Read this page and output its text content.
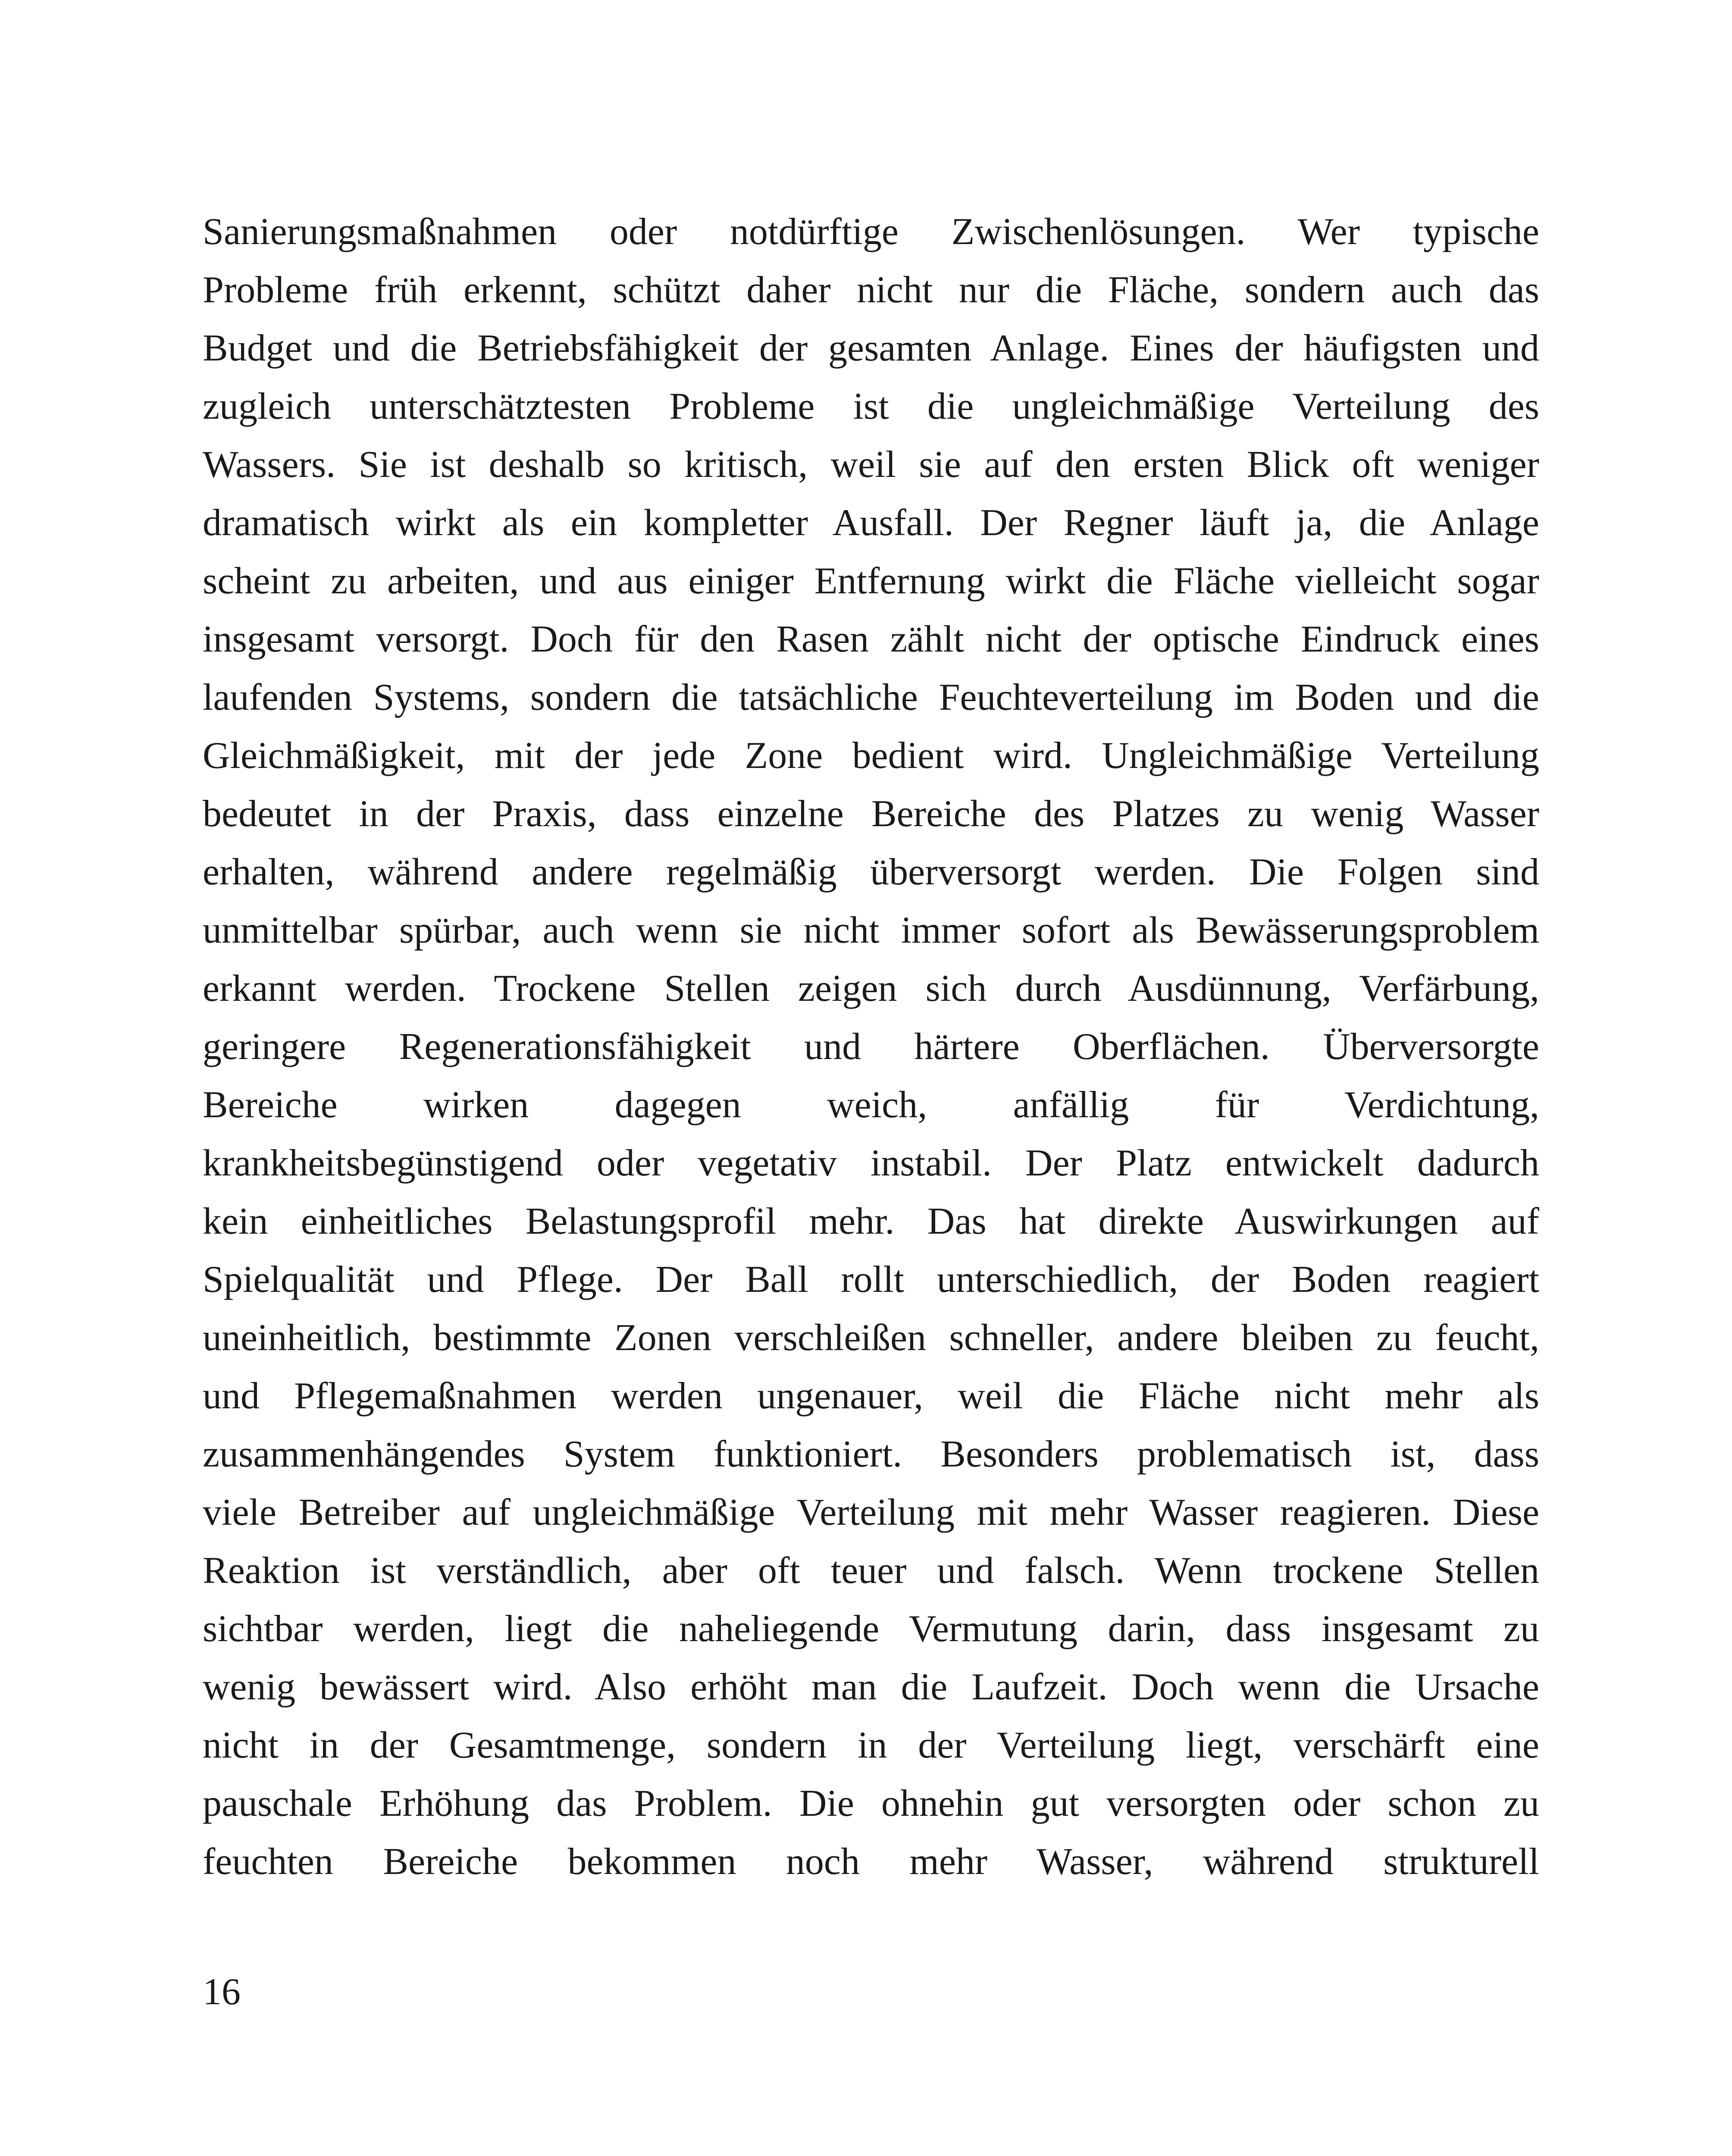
Sanierungsmaßnahmen oder notdürftige Zwischenlösungen. Wer typische
Probleme früh erkennt, schützt daher nicht nur die Fläche, sondern auch das
Budget und die Betriebsfähigkeit der gesamten Anlage. Eines der häufigsten und
zugleich unterschätztesten Probleme ist die ungleichmäßige Verteilung des
Wassers. Sie ist deshalb so kritisch, weil sie auf den ersten Blick oft weniger
dramatisch wirkt als ein kompletter Ausfall. Der Regner läuft ja, die Anlage
scheint zu arbeiten, und aus einiger Entfernung wirkt die Fläche vielleicht sogar
insgesamt versorgt. Doch für den Rasen zählt nicht der optische Eindruck eines
laufenden Systems, sondern die tatsächliche Feuchteverteilung im Boden und die
Gleichmäßigkeit, mit der jede Zone bedient wird. Ungleichmäßige Verteilung
bedeutet in der Praxis, dass einzelne Bereiche des Platzes zu wenig Wasser
erhalten, während andere regelmäßig überversorgt werden. Die Folgen sind
unmittelbar spürbar, auch wenn sie nicht immer sofort als Bewässerungsproblem
erkannt werden. Trockene Stellen zeigen sich durch Ausdünnung, Verfärbung,
geringere Regenerationsfähigkeit und härtere Oberflächen. Überversorgte
Bereiche wirken dagegen weich, anfällig für Verdichtung,
krankheitsbegünstigend oder vegetativ instabil. Der Platz entwickelt dadurch
kein einheitliches Belastungsprofil mehr. Das hat direkte Auswirkungen auf
Spielqualität und Pflege. Der Ball rollt unterschiedlich, der Boden reagiert
uneinheitlich, bestimmte Zonen verschleißen schneller, andere bleiben zu feucht,
und Pflegemaßnahmen werden ungenauer, weil die Fläche nicht mehr als
zusammenhängendes System funktioniert. Besonders problematisch ist, dass
viele Betreiber auf ungleichmäßige Verteilung mit mehr Wasser reagieren. Diese
Reaktion ist verständlich, aber oft teuer und falsch. Wenn trockene Stellen
sichtbar werden, liegt die naheliegende Vermutung darin, dass insgesamt zu
wenig bewässert wird. Also erhöht man die Laufzeit. Doch wenn die Ursache
nicht in der Gesamtmenge, sondern in der Verteilung liegt, verschärft eine
pauschale Erhöhung das Problem. Die ohnehin gut versorgten oder schon zu
feuchten Bereiche bekommen noch mehr Wasser, während strukturell

16
